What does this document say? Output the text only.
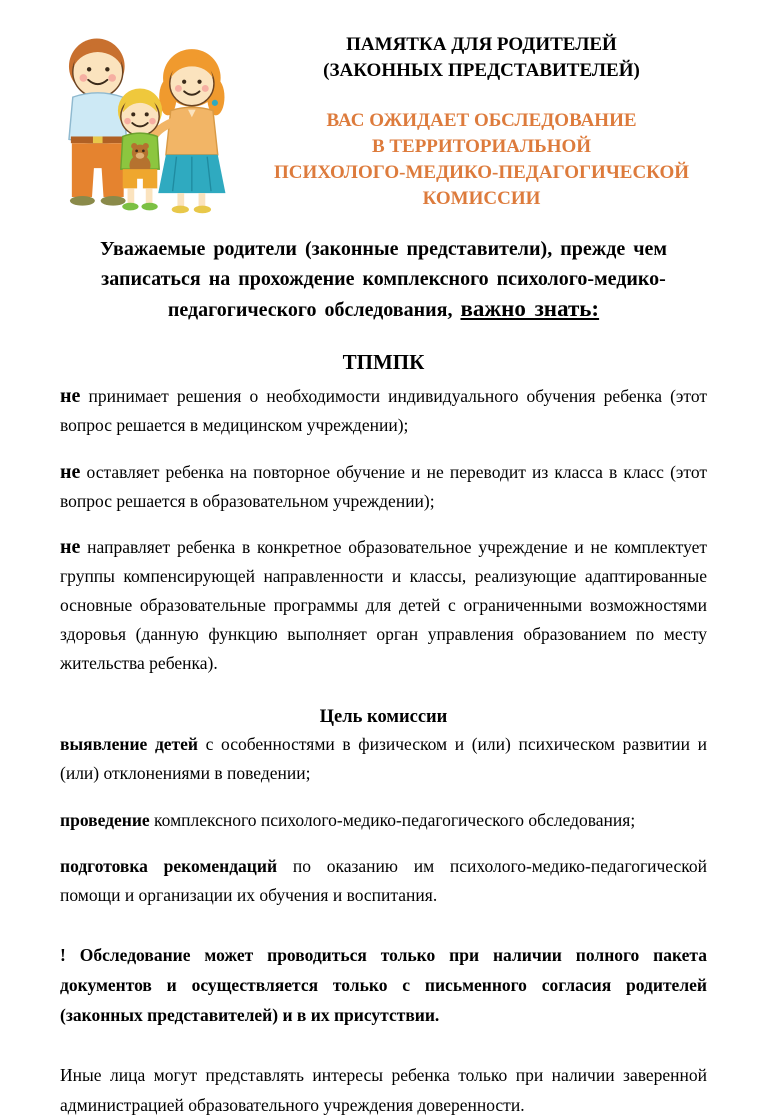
ПАМЯТКА ДЛЯ РОДИТЕЛЕЙ
(ЗАКОННЫХ ПРЕДСТАВИТЕЛЕЙ)
ВАС ОЖИДАЕТ ОБСЛЕДОВАНИЕ
В ТЕРРИТОРИАЛЬНОЙ
ПСИХОЛОГО-МЕДИКО-ПЕДАГОГИЧЕСКОЙ
КОМИССИИ

Уважаемые родители (законные представители), прежде чем записаться на прохождение комплексного психолого-медико-педагогического обследования, важно знать:

ТПМПК

не принимает решения о необходимости индивидуального обучения ребенка (этот вопрос решается в медицинском учреждении);

не оставляет ребенка на повторное обучение и не переводит из класса в класс (этот вопрос решается в образовательном учреждении);

не направляет ребенка в конкретное образовательное учреждение и не комплектует группы компенсирующей направленности и классы, реализующие адаптированные основные образовательные программы для детей с ограниченными возможностями здоровья (данную функцию выполняет орган управления образованием по месту жительства ребенка).

Цель комиссии

выявление детей с особенностями в физическом и (или) психическом развитии и (или) отклонениями в поведении;

проведение комплексного психолого-медико-педагогического обследования;

подготовка рекомендаций по оказанию им психолого-медико-педагогической помощи и организации их обучения и воспитания.

! Обследование может проводиться только при наличии полного пакета документов и осуществляется только с письменного согласия родителей (законных представителей) и в их присутствии.

Иные лица могут представлять интересы ребенка только при наличии заверенной администрацией образовательного учреждения доверенности.
